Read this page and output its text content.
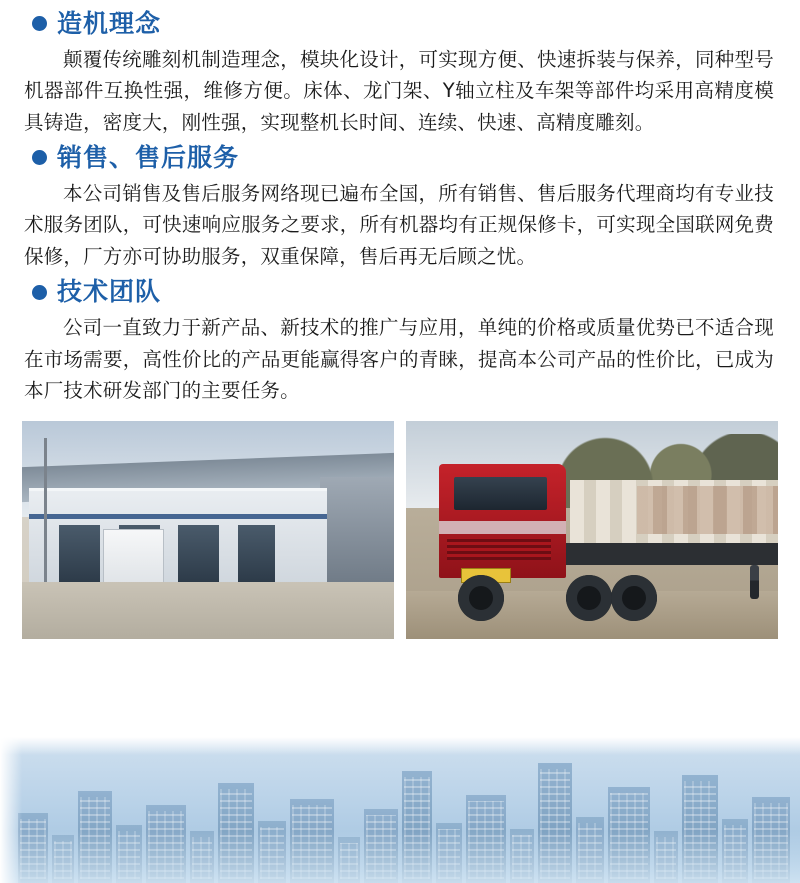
造机理念

颠覆传统雕刻机制造理念，模块化设计，可实现方便、快速拆装与保养，同种型号机器部件互换性强，维修方便。床体、龙门架、Y轴立柱及车架等部件均采用高精度模具铸造，密度大，刚性强，实现整机长时间、连续、快速、高精度雕刻。

销售、售后服务

本公司销售及售后服务网络现已遍布全国，所有销售、售后服务代理商均有专业技术服务团队，可快速响应服务之要求，所有机器均有正规保修卡，可实现全国联网免费保修，厂方亦可协助服务，双重保障，售后再无后顾之忧。

技术团队

公司一直致力于新产品、新技术的推广与应用，单纯的价格或质量优势已不适合现在市场需要，高性价比的产品更能赢得客户的青睐，提高本公司产品的性价比，已成为本厂技术研发部门的主要任务。
